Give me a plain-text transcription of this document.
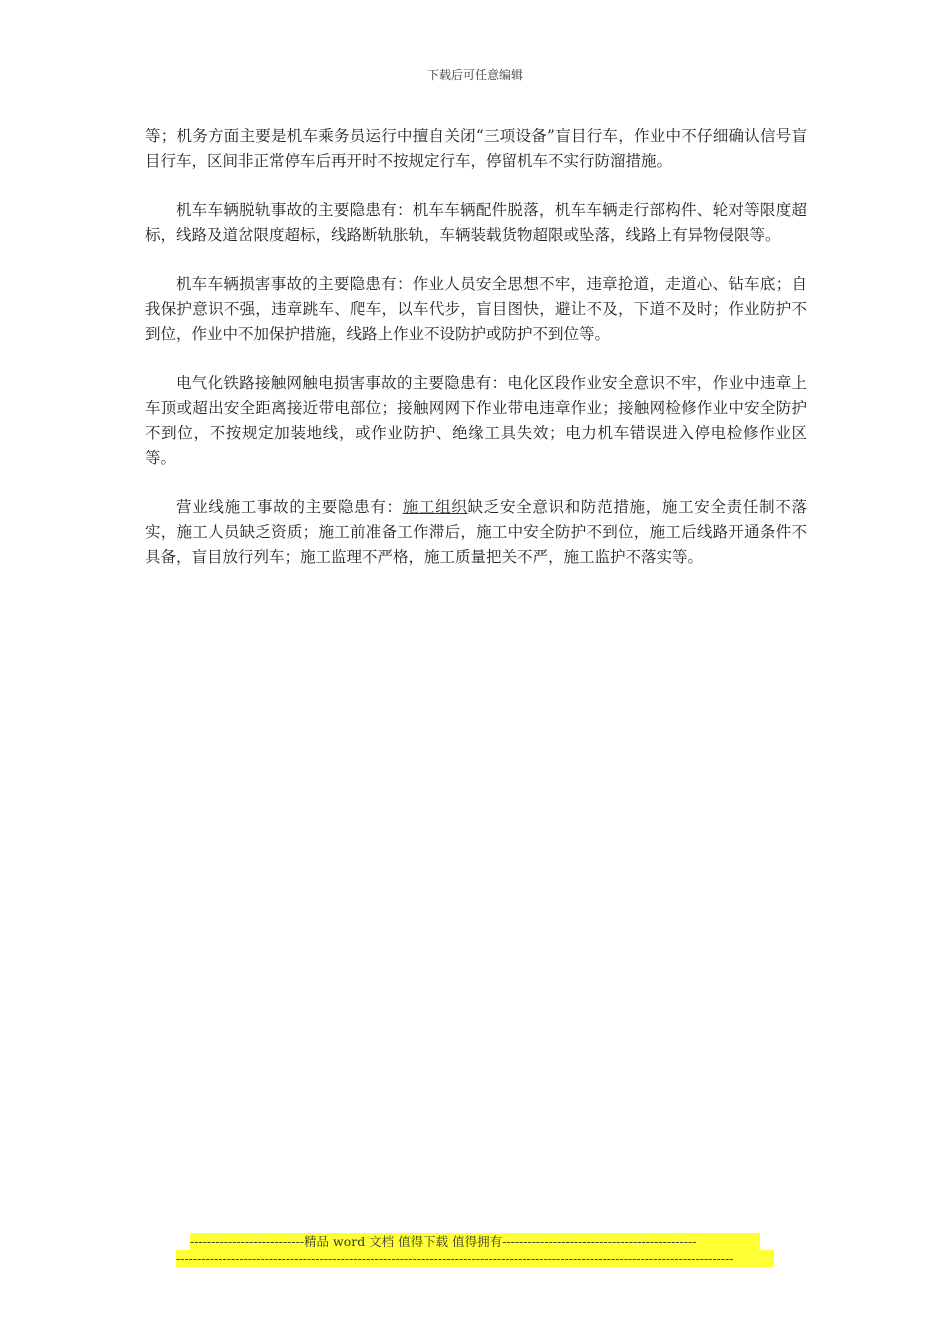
下载后可任意编辑

等；机务方面主要是机车乘务员运行中擅自关闭“三项设备”盲目行车，作业中不仔细确认信号盲目行车，区间非正常停车后再开时不按规定行车，停留机车不实行防溜措施。

机车车辆脱轨事故的主要隐患有：机车车辆配件脱落，机车车辆走行部构件、轮对等限度超标，线路及道岔限度超标，线路断轨胀轨，车辆装载货物超限或坠落，线路上有异物侵限等。

机车车辆损害事故的主要隐患有：作业人员安全思想不牢，违章抢道，走道心、钻车底；自我保护意识不强，违章跳车、爬车，以车代步，盲目图快，避让不及，下道不及时；作业防护不到位，作业中不加保护措施，线路上作业不设防护或防护不到位等。

电气化铁路接触网触电损害事故的主要隐患有：电化区段作业安全意识不牢，作业中违章上车顶或超出安全距离接近带电部位；接触网网下作业带电违章作业；接触网检修作业中安全防护不到位，不按规定加装地线，或作业防护、绝缘工具失效；电力机车错误进入停电检修作业区等。

营业线施工事故的主要隐患有：施工组织缺乏安全意识和防范措施，施工安全责任制不落实，施工人员缺乏资质；施工前准备工作滞后，施工中安全防护不到位，施工后线路开通条件不具备，盲目放行列车；施工监理不严格，施工质量把关不严，施工监护不落实等。

---------------------------精品 word 文档 值得下载 值得拥有----------------------------------------------
------------------------------------------------------------------------------------------------------------------------------------
